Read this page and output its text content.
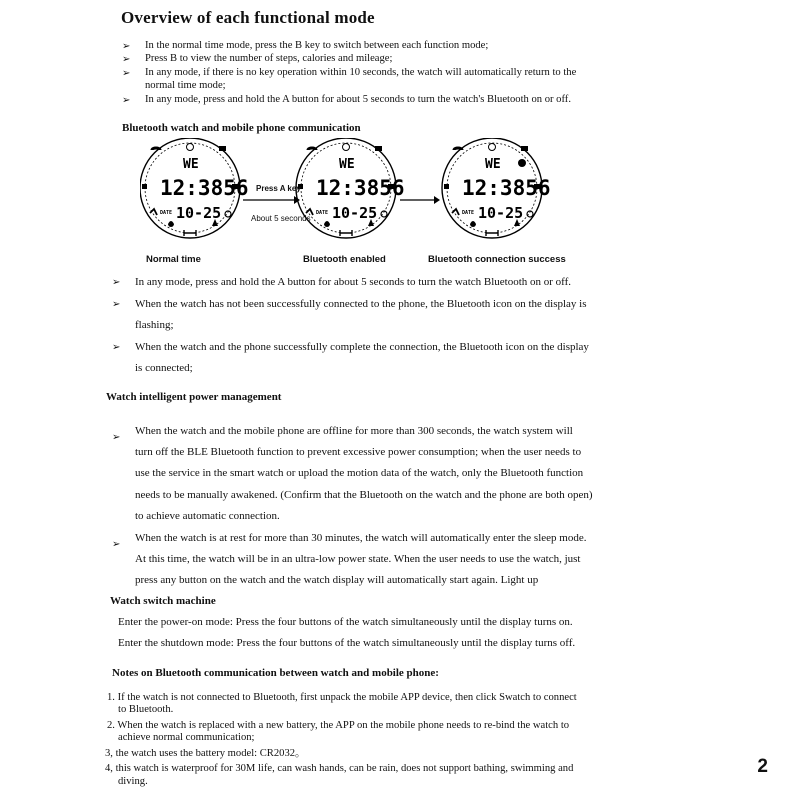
Overview of each functional mode
➢ In the normal time mode, press the B key to switch between each function mode;
➢ Press B to view the number of steps, calories and mileage;
➢ In any mode, if there is no key operation within 10 seconds, the watch will automatically return to the
normal time mode;
➢ In any mode, press and hold the A button for about 5 seconds to turn the watch's Bluetooth on or off.
Bluetooth watch and mobile phone communication
WE
12:3856
DATE 10-25
WE
12:3856
DATE 10-25
WE
12:3856
DATE 10-25
Press A key
About 5 seconds
Normal time	Bluetooth enabled	Bluetooth connection success
➢ In any mode, press and hold the A button for about 5 seconds to turn the watch Bluetooth on or off.
➢ When the watch has not been successfully connected to the phone, the Bluetooth icon on the display is
flashing;
➢ When the watch and the phone successfully complete the connection, the Bluetooth icon on the display
is connected;
Watch intelligent power management
➢
When the watch and the mobile phone are offline for more than 300 seconds, the watch system will
turn off the BLE Bluetooth function to prevent excessive power consumption; when the user needs to
use the service in the smart watch or upload the motion data of the watch, only the Bluetooth function
needs to be manually awakened. (Confirm that the Bluetooth on the watch and the phone are both open)
to achieve automatic connection.
➢
When the watch is at rest for more than 30 minutes, the watch will automatically enter the sleep mode.
At this time, the watch will be in an ultra-low power state. When the user needs to use the watch, just
press any button on the watch and the watch display will automatically start again. Light up
Watch switch machine
Enter the power-on mode: Press the four buttons of the watch simultaneously until the display turns on.
Enter the shutdown mode: Press the four buttons of the watch simultaneously until the display turns off.
Notes on Bluetooth communication between watch and mobile phone:
1. If the watch is not connected to Bluetooth, first unpack the mobile APP device, then click Swatch to connect
to Bluetooth.
2. When the watch is replaced with a new battery, the APP on the mobile phone needs to re-bind the watch to
achieve normal communication;
3, the watch uses the battery model: CR2032。
4, this watch is waterproof for 30M life, can wash hands, can be rain, does not support bathing, swimming and
diving.
2
